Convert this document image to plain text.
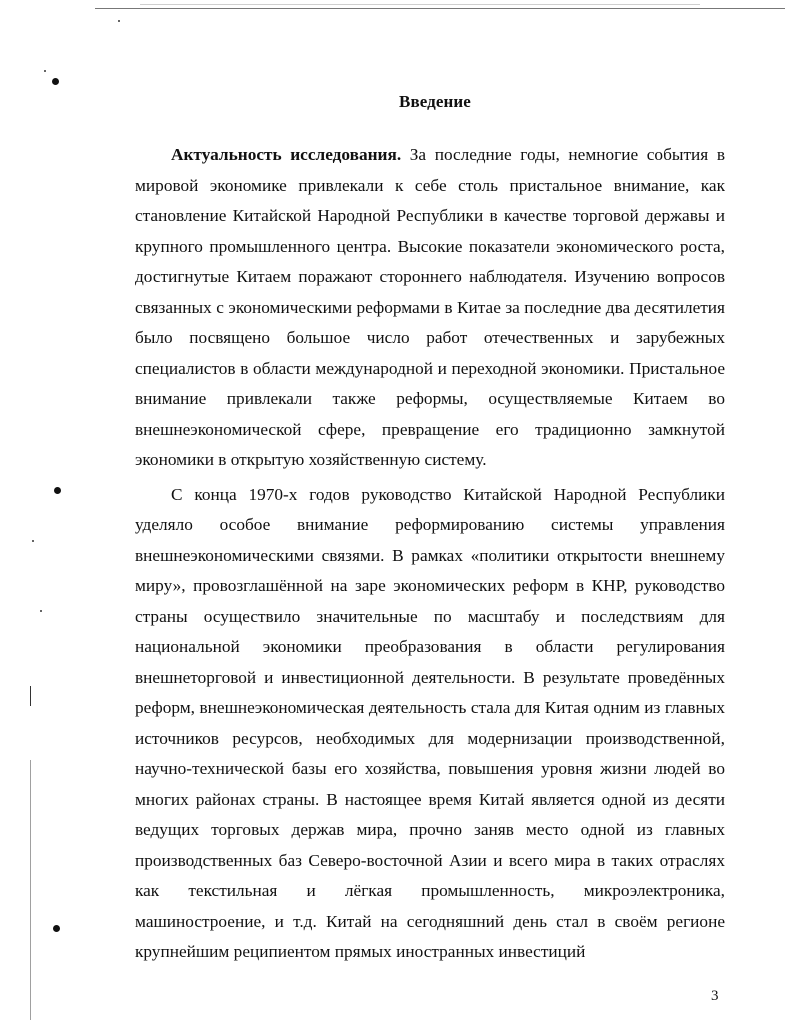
Введение

Актуальность исследования. За последние годы, немногие события в мировой экономике привлекали к себе столь пристальное внимание, как становление Китайской Народной Республики в качестве торговой державы и крупного промышленного центра. Высокие показатели экономического роста, достигнутые Китаем поражают стороннего наблюдателя. Изучению вопросов связанных с экономическими реформами в Китае за последние два десятилетия было посвящено большое число работ отечественных и зарубежных специалистов в области международной и переходной экономики. Пристальное внимание привлекали также реформы, осуществляемые Китаем во внешнеэкономической сфере, превращение его традиционно замкнутой экономики в открытую хозяйственную систему.

С конца 1970-х годов руководство Китайской Народной Республики уделяло особое внимание реформированию системы управления внешнеэкономическими связями. В рамках «политики открытости внешнему миру», провозглашённой на заре экономических реформ в КНР, руководство страны осуществило значительные по масштабу и последствиям для национальной экономики преобразования в области регулирования внешнеторговой и инвестиционной деятельности. В результате проведённых реформ, внешнеэкономическая деятельность стала для Китая одним из главных источников ресурсов, необходимых для модернизации производственной, научно-технической базы его хозяйства, повышения уровня жизни людей во многих районах страны. В настоящее время Китай является одной из десяти ведущих торговых держав мира, прочно заняв место одной из главных производственных баз Северо-восточной Азии и всего мира в таких отраслях как текстильная и лёгкая промышленность, микроэлектроника, машиностроение, и т.д. Китай на сегодняшний день стал в своём регионе крупнейшим реципиентом прямых иностранных инвестиций

3
